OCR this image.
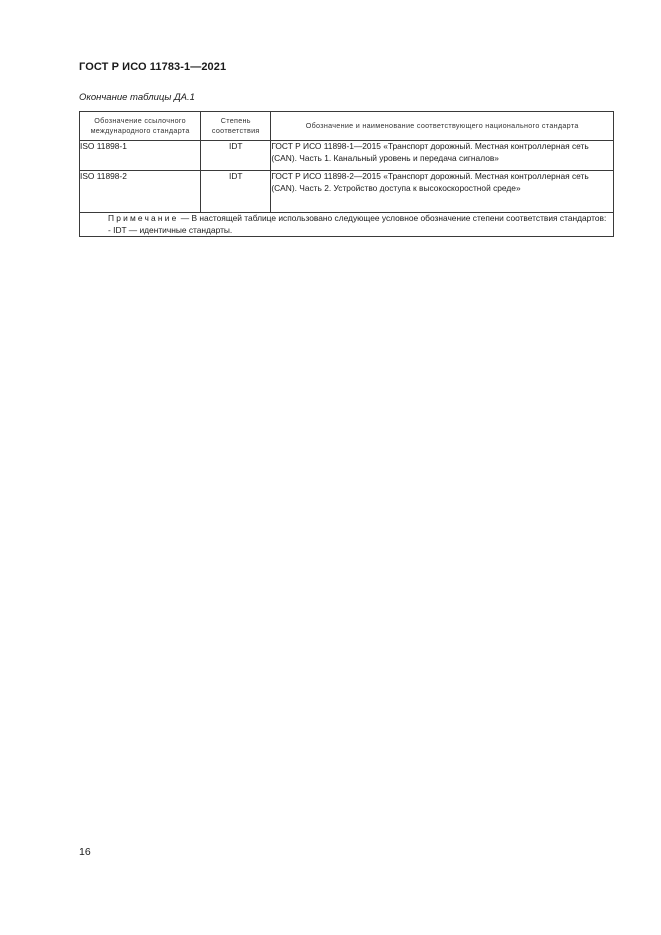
ГОСТ Р ИСО 11783-1—2021
Окончание таблицы ДА.1
Обозначение ссылочного международного стандарта	Степень соответствия	Обозначение и наименование соответствующего национального стандарта
ISO 11898-1	IDT	ГОСТ Р ИСО 11898-1—2015 «Транспорт дорожный. Местная контроллерная сеть (CAN). Часть 1. Канальный уровень и передача сигналов»
ISO 11898-2	IDT	ГОСТ Р ИСО 11898-2—2015 «Транспорт дорожный. Местная контроллерная сеть (CAN). Часть 2. Устройство доступа к высокоскоростной среде»

Примечание — В настоящей таблице использовано следующее условное обозначение степени соответствия стандартов:
- IDT — идентичные стандарты.		
16
